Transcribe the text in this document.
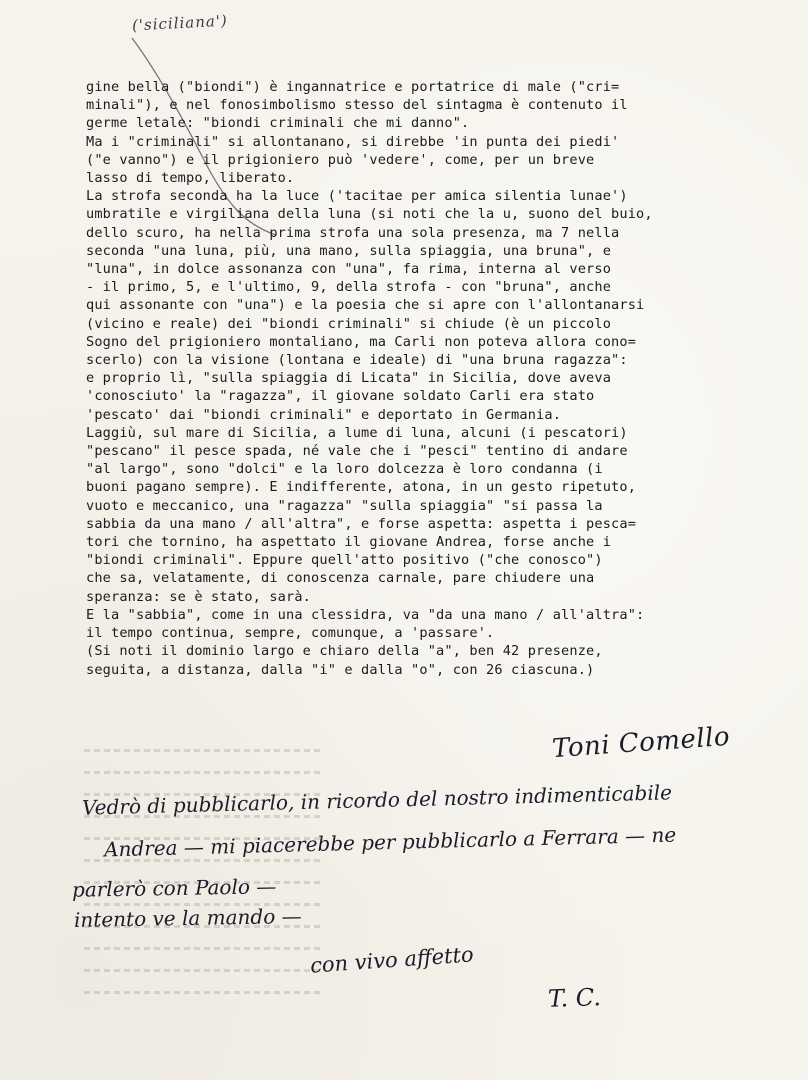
('siciliana')
gine bella ("biondi") è ingannatrice e portatrice di male ("cri=
minali"), e nel fonosimbolismo stesso del sintagma è contenuto il
germe letale: "biondi criminali che mi danno".
Ma i "criminali" si allontanano, si direbbe 'in punta dei piedi'
("e vanno") e il prigioniero può 'vedere', come, per un breve
lasso di tempo, liberato.
La strofa seconda ha la luce ('tacitae per amica silentia lunae')
umbratile e virgiliana della luna (si noti che la u, suono del buio,
dello scuro, ha nella prima strofa una sola presenza, ma 7 nella
seconda "una luna, più, una mano, sulla spiaggia, una bruna", e
"luna", in dolce assonanza con "una", fa rima, interna al verso
- il primo, 5, e l'ultimo, 9, della strofa - con "bruna", anche
qui assonante con "una") e la poesia che si apre con l'allontanarsi
(vicino e reale) dei "biondi criminali" si chiude (è un piccolo
Sogno del prigioniero montaliano, ma Carli non poteva allora cono=
scerlo) con la visione (lontana e ideale) di "una bruna ragazza":
e proprio lì, "sulla spiaggia di Licata" in Sicilia, dove aveva
'conosciuto' la "ragazza", il giovane soldato Carli era stato
'pescato' dai "biondi criminali" e deportato in Germania.
Laggiù, sul mare di Sicilia, a lume di luna, alcuni (i pescatori)
"pescano" il pesce spada, né vale che i "pesci" tentino di andare
"al largo", sono "dolci" e la loro dolcezza è loro condanna (i
buoni pagano sempre). E indifferente, atona, in un gesto ripetuto,
vuoto e meccanico, una "ragazza" "sulla spiaggia" "si passa la
sabbia da una mano / all'altra", e forse aspetta: aspetta i pesca=
tori che tornino, ha aspettato il giovane Andrea, forse anche i
"biondi criminali". Eppure quell'atto positivo ("che conosco")
che sa, velatamente, di conoscenza carnale, pare chiudere una
speranza: se è stato, sarà.
E la "sabbia", come in una clessidra, va "da una mano / all'altra":
il tempo continua, sempre, comunque, a 'passare'.
(Si noti il dominio largo e chiaro della "a", ben 42 presenze,
seguita, a distanza, dalla "i" e dalla "o", con 26 ciascuna.)
Toni Comello
Vedrò di pubblicarlo, in ricordo del nostro indimenticabile
Andrea — mi piacerebbe per pubblicarlo a Ferrara — ne
parlerò con Paolo —
intento ve la mando —
con vivo affetto
T. C.
